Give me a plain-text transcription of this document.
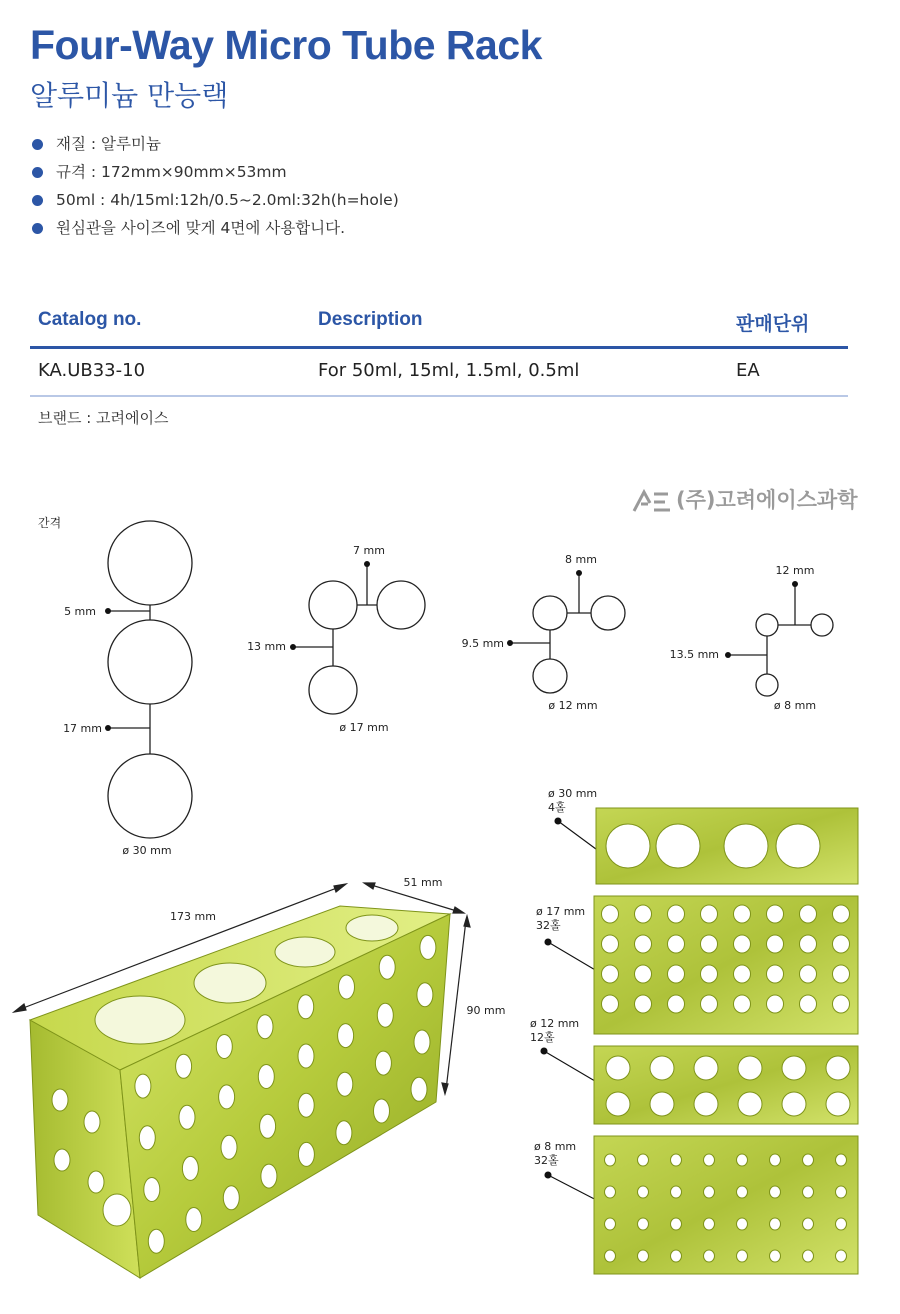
Four-Way Micro Tube Rack
알루미늄 만능랙
재질 : 알루미늄
규격 : 172mm×90mm×53mm
50ml : 4h/15ml:12h/0.5~2.0ml:32h(h=hole)
원심관을 사이즈에 맞게 4면에 사용합니다.
Catalog no.	Description	판매단위
KA.UB33-10	For 50ml, 15ml, 1.5ml, 0.5ml	EA
브랜드 : 고려에이스
(주)고려에이스과학
간격
5 mm
17 mm
ø 30 mm
7 mm
13 mm
ø 17 mm
8 mm
9.5 mm
ø 12 mm
12 mm
13.5 mm
ø 8 mm
173 mm
51 mm
90 mm
ø 30 mm
4홀
ø 17 mm
32홀
ø 12 mm
12홀
ø 8 mm
32홀
